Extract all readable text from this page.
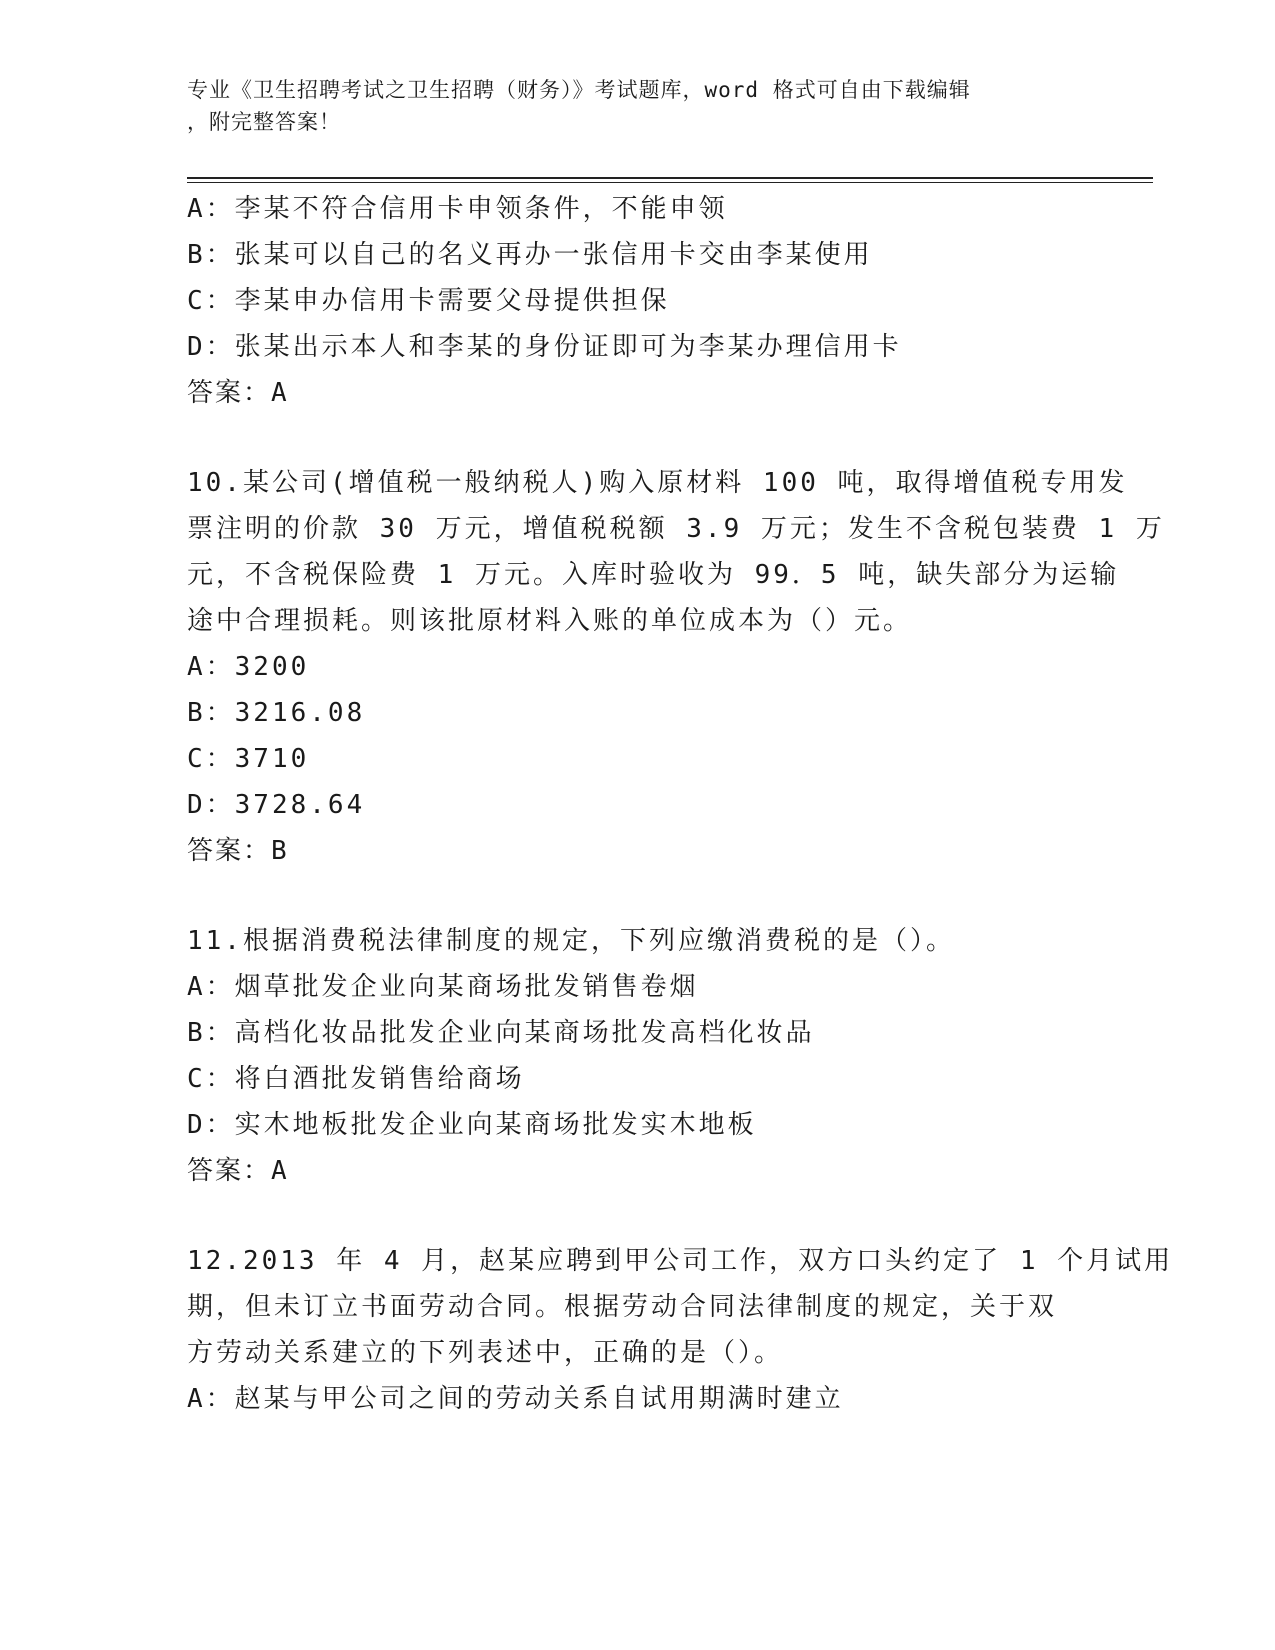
专业《卫生招聘考试之卫生招聘（财务）》考试题库，word 格式可自由下载编辑
，附完整答案！
A：李某不符合信用卡申领条件，不能申领
B：张某可以自己的名义再办一张信用卡交由李某使用
C：李某申办信用卡需要父母提供担保
D：张某出示本人和李某的身份证即可为李某办理信用卡
答案：A
10.某公司(增值税一般纳税人)购入原材料 100 吨，取得增值税专用发
票注明的价款 30 万元，增值税税额 3.9 万元；发生不含税包装费 1 万
元，不含税保险费 1 万元。入库时验收为 99．5 吨，缺失部分为运输
途中合理损耗。则该批原材料入账的单位成本为（）元。
A：3200
B：3216.08
C：3710
D：3728.64
答案：B
11.根据消费税法律制度的规定，下列应缴消费税的是（）。
A：烟草批发企业向某商场批发销售卷烟
B：高档化妆品批发企业向某商场批发高档化妆品
C：将白酒批发销售给商场
D：实木地板批发企业向某商场批发实木地板
答案：A
12.2013 年 4 月，赵某应聘到甲公司工作，双方口头约定了 1 个月试用
期，但未订立书面劳动合同。根据劳动合同法律制度的规定，关于双
方劳动关系建立的下列表述中，正确的是（）。
A：赵某与甲公司之间的劳动关系自试用期满时建立
